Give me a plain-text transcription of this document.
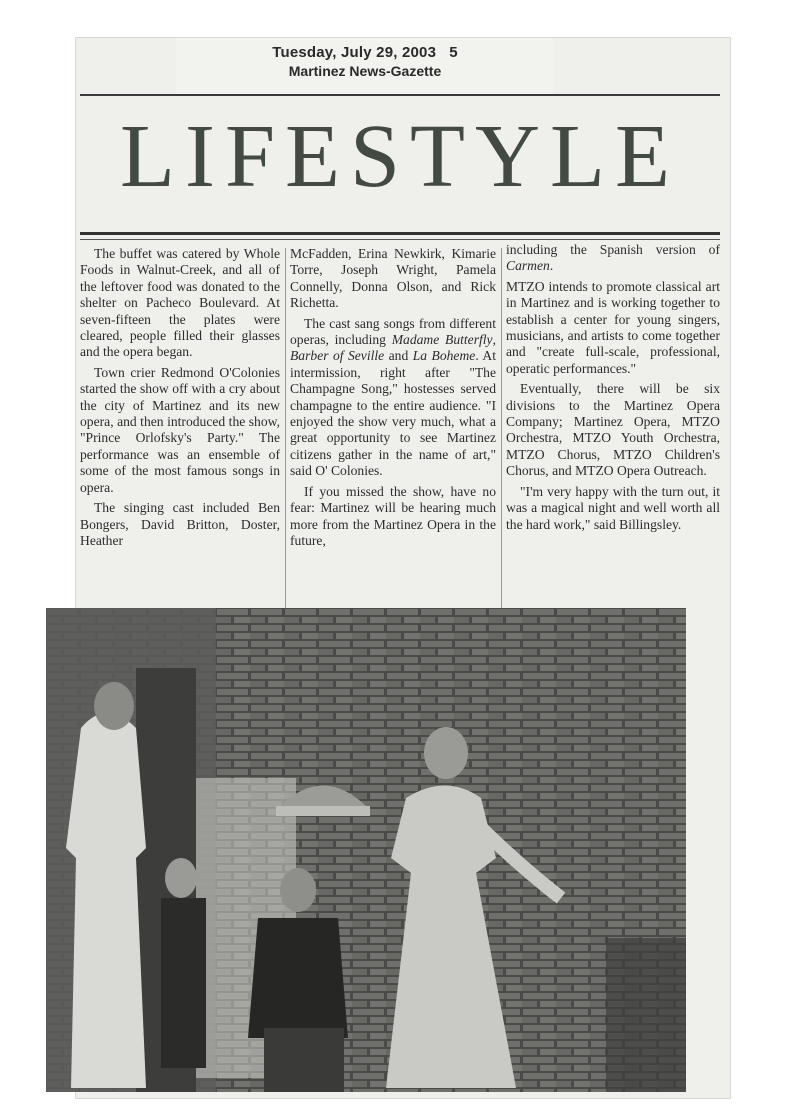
Tuesday, July 29, 2003   5
Martinez News-Gazette
LIFESTYLE

The buffet was catered by Whole Foods in Walnut-Creek, and all of the leftover food was donated to the shelter on Pacheco Boulevard. At seven-fifteen the plates were cleared, people filled their glasses and the opera began.

Town crier Redmond O'Colonies started the show off with a cry about the city of Martinez and its new opera, and then introduced the show, "Prince Orlofsky's Party." The performance was an ensemble of some of the most famous songs in opera.

The singing cast included Ben Bongers, David Britton, Doster, Heather

McFadden, Erina Newkirk, Kimarie Torre, Joseph Wright, Pamela Connelly, Donna Olson, and Rick Richetta.

The cast sang songs from different operas, including Madame Butterfly, Barber of Seville and La Boheme. At intermission, right after "The Champagne Song," hostesses served champagne to the entire audience. "I enjoyed the show very much, what a great opportunity to see Martinez citizens gather in the name of art," said O' Colonies.

If you missed the show, have no fear: Martinez will be hearing much more from the Martinez Opera in the future,

including the Spanish version of Carmen.

MTZO intends to promote classical art in Martinez and is working together to establish a center for young singers, musicians, and artists to come together and "create full-scale, professional, operatic performances."

Eventually, there will be six divisions to the Martinez Opera Company; Martinez Opera, MTZO Orchestra, MTZO Youth Orchestra, MTZO Chorus, MTZO Children's Chorus, and MTZO Opera Outreach.

"I'm very happy with the turn out, it was a magical night and well worth all the hard work," said Billingsley.
